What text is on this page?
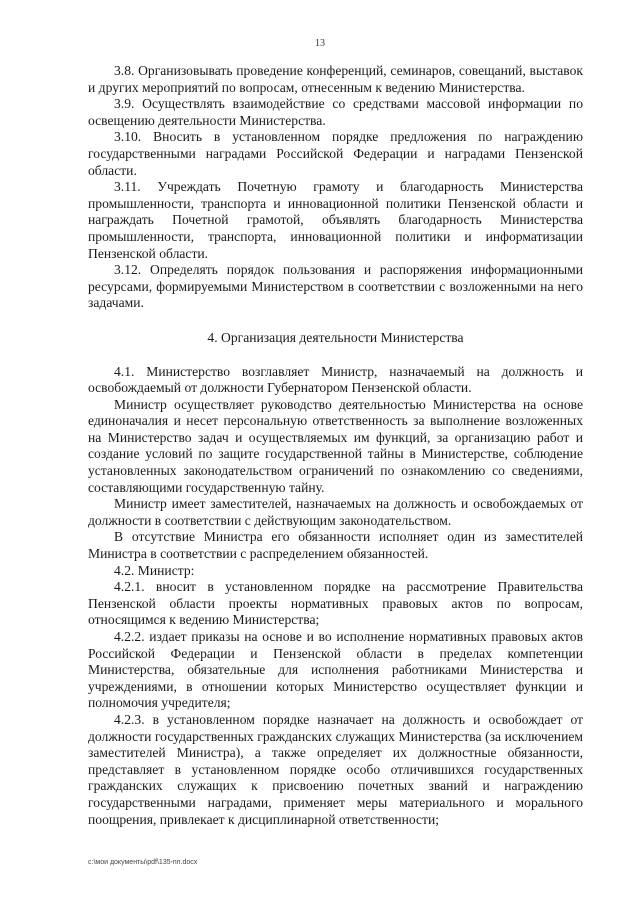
13

3.8. Организовывать проведение конференций, семинаров, совещаний, выставок и других мероприятий по вопросам, отнесенным к ведению Министерства.

3.9. Осуществлять взаимодействие со средствами массовой информации по освещению деятельности Министерства.

3.10. Вносить в установленном порядке предложения по награждению государственными наградами Российской Федерации и наградами Пензенской области.

3.11. Учреждать Почетную грамоту и благодарность Министерства промышленности, транспорта и инновационной политики Пензенской области и награждать Почетной грамотой, объявлять благодарность Министерства промышленности, транспорта, инновационной политики и информатизации Пензенской области.

3.12. Определять порядок пользования и распоряжения информационными ресурсами, формируемыми Министерством в соответствии с возложенными на него задачами.

4. Организация деятельности Министерства

4.1. Министерство возглавляет Министр, назначаемый на должность и освобождаемый от должности Губернатором Пензенской области.

Министр осуществляет руководство деятельностью Министерства на основе единоначалия и несет персональную ответственность за выполнение возложенных на Министерство задач и осуществляемых им функций, за организацию работ и создание условий по защите государственной тайны в Министерстве, соблюдение установленных законодательством ограничений по ознакомлению со сведениями, составляющими государственную тайну.

Министр имеет заместителей, назначаемых на должность и освобождаемых от должности в соответствии с действующим законодательством.

В отсутствие Министра его обязанности исполняет один из заместителей Министра в соответствии с распределением обязанностей.

4.2. Министр:

4.2.1. вносит в установленном порядке на рассмотрение Правительства Пензенской области проекты нормативных правовых актов по вопросам, относящимся к ведению Министерства;

4.2.2. издает приказы на основе и во исполнение нормативных правовых актов Российской Федерации и Пензенской области в пределах компетенции Министерства, обязательные для исполнения работниками Министерства и учреждениями, в отношении которых Министерство осуществляет функции и полномочия учредителя;

4.2.3. в установленном порядке назначает на должность и освобождает от должности государственных гражданских служащих Министерства (за исключением заместителей Министра), а также определяет их должностные обязанности, представляет в установленном порядке особо отличившихся государственных гражданских служащих к присвоению почетных званий и награждению государственными наградами, применяет меры материального и морального поощрения, привлекает к дисциплинарной ответственности;

c:\мои документы\pdf\135-пп.docx
